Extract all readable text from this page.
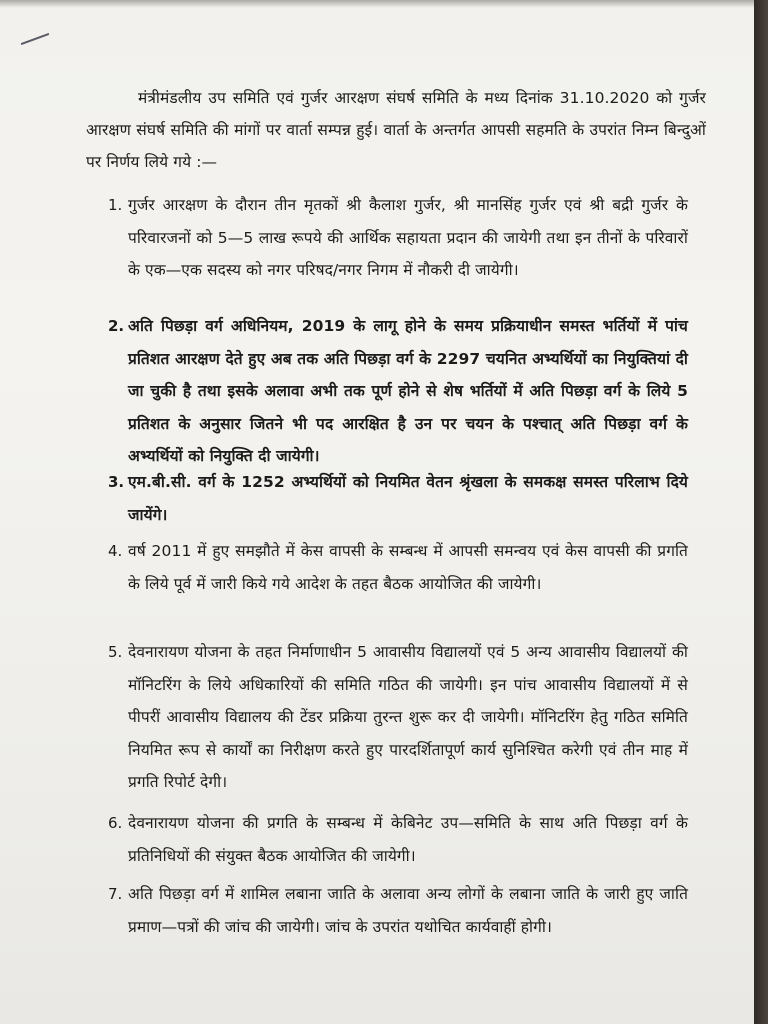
मंत्रीमंडलीय उप समिति एवं गुर्जर आरक्षण संघर्ष समिति के मध्य दिनांक 31.10.2020 को गुर्जर आरक्षण संघर्ष समिति की मांगों पर वार्ता सम्पन्न हुई। वार्ता के अन्तर्गत आपसी सहमति के उपरांत निम्न बिन्दुओं पर निर्णय लिये गये :—

1. गुर्जर आरक्षण के दौरान तीन मृतकों श्री कैलाश गुर्जर, श्री मानसिंह गुर्जर एवं श्री बद्री गुर्जर के परिवारजनों को 5—5 लाख रूपये की आर्थिक सहायता प्रदान की जायेगी तथा इन तीनों के परिवारों के एक—एक सदस्य को नगर परिषद/नगर निगम में नौकरी दी जायेगी।

2. अति पिछड़ा वर्ग अधिनियम, 2019 के लागू होने के समय प्रक्रियाधीन समस्त भर्तियों में पांच प्रतिशत आरक्षण देते हुए अब तक अति पिछड़ा वर्ग के 2297 चयनित अभ्यर्थियों का नियुक्तियां दी जा चुकी है तथा इसके अलावा अभी तक पूर्ण होने से शेष भर्तियों में अति पिछड़ा वर्ग के लिये 5 प्रतिशत के अनुसार जितने भी पद आरक्षित है उन पर चयन के पश्चात् अति पिछड़ा वर्ग के अभ्यर्थियों को नियुक्ति दी जायेगी।

3. एम.बी.सी. वर्ग के 1252 अभ्यर्थियों को नियमित वेतन श्रृंखला के समकक्ष समस्त परिलाभ दिये जायेंगे।

4. वर्ष 2011 में हुए समझौते में केस वापसी के सम्बन्ध में आपसी समन्वय एवं केस वापसी की प्रगति के लिये पूर्व में जारी किये गये आदेश के तहत बैठक आयोजित की जायेगी।

5. देवनारायण योजना के तहत निर्माणाधीन 5 आवासीय विद्यालयों एवं 5 अन्य आवासीय विद्यालयों की मॉनिटरिंग के लिये अधिकारियों की समिति गठित की जायेगी। इन पांच आवासीय विद्यालयों में से पीपरीं आवासीय विद्यालय की टेंडर प्रक्रिया तुरन्त शुरू कर दी जायेगी। मॉनिटरिंग हेतु गठित समिति नियमित रूप से कार्यों का निरीक्षण करते हुए पारदर्शितापूर्ण कार्य सुनिश्चित करेगी एवं तीन माह में प्रगति रिपोर्ट देगी।

6. देवनारायण योजना की प्रगति के सम्बन्ध में केबिनेट उप—समिति के साथ अति पिछड़ा वर्ग के प्रतिनिधियों की संयुक्त बैठक आयोजित की जायेगी।

7. अति पिछड़ा वर्ग में शामिल लबाना जाति के अलावा अन्य लोगों के लबाना जाति के जारी हुए जाति प्रमाण—पत्रों की जांच की जायेगी। जांच के उपरांत यथोचित कार्यवाहीं होगी।
